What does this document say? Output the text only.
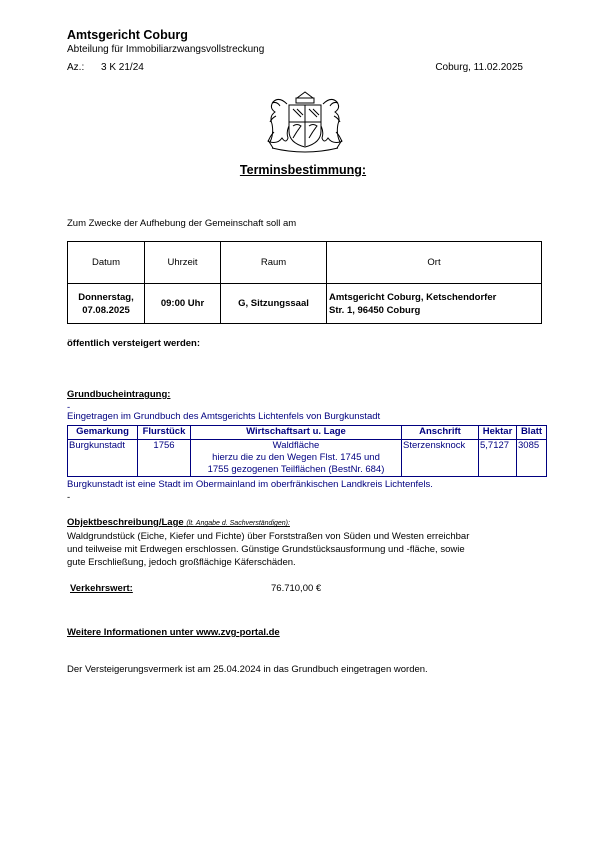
Amtsgericht Coburg
Abteilung für Immobiliarzwangsvollstreckung
Az.: 3 K 21/24	Coburg, 11.02.2025
Terminsbestimmung:
Zum Zwecke der Aufhebung der Gemeinschaft soll am
Datum	Uhrzeit	Raum	Ort
Donnerstag,
07.08.2025	09:00 Uhr	G, Sitzungssaal	Amtsgericht Coburg, Ketschendorfer
Str. 1, 96450 Coburg
öffentlich versteigert werden:
Grundbucheintragung:
-
Eingetragen im Grundbuch des Amtsgerichts Lichtenfels von Burgkunstadt
Gemarkung	Flurstück	Wirtschaftsart u. Lage	Anschrift	Hektar	Blatt
Burgkunstadt	1756	Waldfläche
hierzu die zu den Wegen Flst. 1745 und
1755 gezogenen Teilflächen (BestNr. 684)	Sterzensknock	5,7127	3085
Burgkunstadt ist eine Stadt im Obermainland im oberfränkischen Landkreis Lichtenfels.
-
Objektbeschreibung/Lage (lt. Angabe d. Sachverständigen):
Waldgrundstück (Eiche, Kiefer und Fichte) über Forststraßen von Süden und Westen erreichbar
und teilweise mit Erdwegen erschlossen. Günstige Grundstücksausformung und -fläche, sowie
gute Erschließung, jedoch großflächige Käferschäden.
Verkehrswert:	76.710,00 €
Weitere Informationen unter www.zvg-portal.de
Der Versteigerungsvermerk ist am 25.04.2024 in das Grundbuch eingetragen worden.
